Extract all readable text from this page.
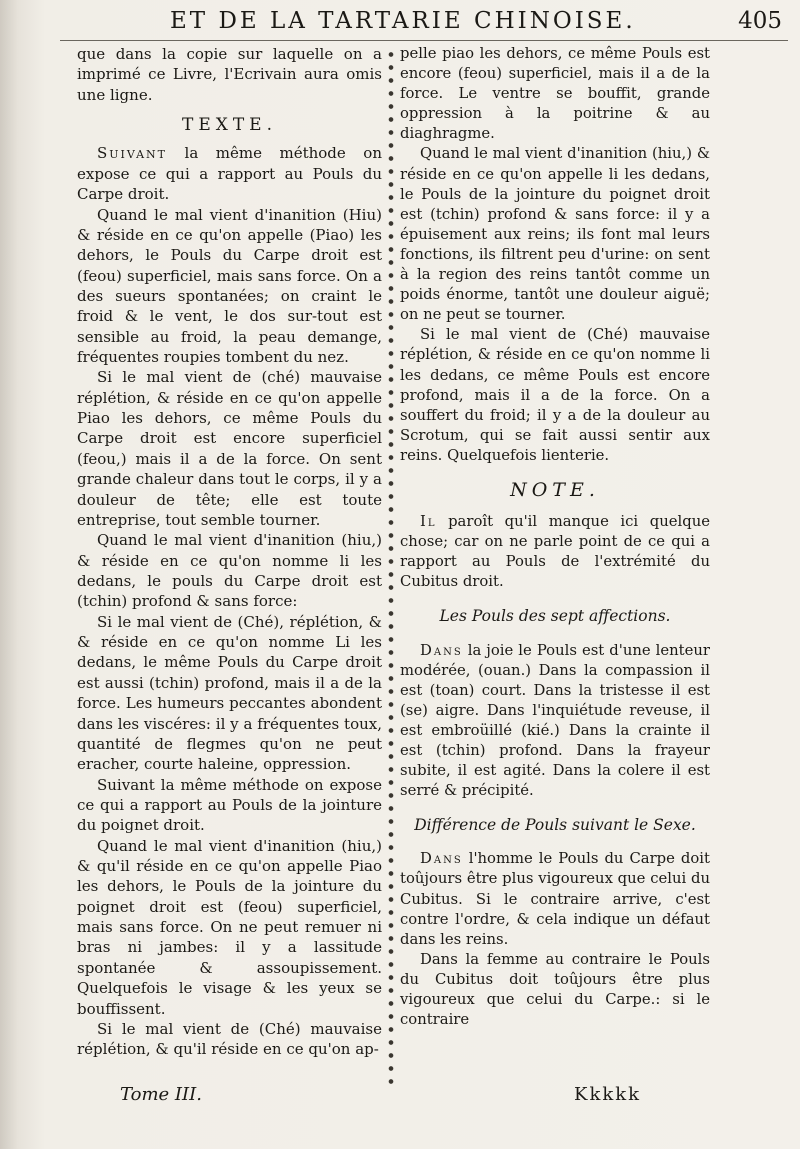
ET DE LA TARTARIE CHINOISE.	405

que dans la copie sur laquelle on a imprimé ce Livre, l'Ecrivain aura omis une ligne.

TEXTE.

Suivant la même méthode on expose ce qui a rapport au Pouls du Carpe droit.

Quand le mal vient d'inanition (Hiu) & réside en ce qu'on appelle (Piao) les dehors, le Pouls du Carpe droit est (feou) superficiel, mais sans force. On a des sueurs spontanées; on craint le froid & le vent, le dos sur-tout est sensible au froid, la peau demange, fréquentes roupies tombent du nez.

Si le mal vient de (ché) mauvaise réplétion, & réside en ce qu'on appelle Piao les dehors, ce même Pouls du Carpe droit est encore superficiel (feou,) mais il a de la force. On sent grande chaleur dans tout le corps, il y a douleur de tête; elle est toute entreprise, tout semble tourner.

Quand le mal vient d'inanition (hiu,) & réside en ce qu'on nomme li les dedans, le pouls du Carpe droit est (tchin) profond & sans force:

Si le mal vient de (Ché), réplétion, & & réside en ce qu'on nomme Li les dedans, le même Pouls du Carpe droit est aussi (tchin) profond, mais il a de la force. Les humeurs peccantes abondent dans les viscéres: il y a fréquentes toux, quantité de flegmes qu'on ne peut eracher, courte haleine, oppression.

Suivant la même méthode on expose ce qui a rapport au Pouls de la jointure du poignet droit.

Quand le mal vient d'inanition (hiu,) & qu'il réside en ce qu'on appelle Piao les dehors, le Pouls de la jointure du poignet droit est (feou) superficiel, mais sans force. On ne peut remuer ni bras ni jambes: il y a lassitude spontanée & assoupissement. Quelquefois le visage & les yeux se bouffissent.

Si le mal vient de (Ché) mauvaise réplétion, & qu'il réside en ce qu'on ap-

pelle piao les dehors, ce même Pouls est encore (feou) superficiel, mais il a de la force. Le ventre se bouffit, grande oppression à la poitrine & au diaghragme.

Quand le mal vient d'inanition (hiu,) & réside en ce qu'on appelle li les dedans, le Pouls de la jointure du poignet droit est (tchin) profond & sans force: il y a épuisement aux reins; ils font mal leurs fonctions, ils filtrent peu d'urine: on sent à la region des reins tantôt comme un poids énorme, tantôt une douleur aiguë; on ne peut se tourner.

Si le mal vient de (Ché) mauvaise réplétion, & réside en ce qu'on nomme li les dedans, ce même Pouls est encore profond, mais il a de la force. On a souffert du froid; il y a de la douleur au Scrotum, qui se fait aussi sentir aux reins. Quelquefois lienterie.

NOTE.

Il paroît qu'il manque ici quelque chose; car on ne parle point de ce qui a rapport au Pouls de l'extrémité du Cubitus droit.

Les Pouls des sept affections.

Dans la joie le Pouls est d'une lenteur modérée, (ouan.) Dans la compassion il est (toan) court. Dans la tristesse il est (se) aigre. Dans l'inquiétude reveuse, il est embroüillé (kié.) Dans la crainte il est (tchin) profond. Dans la frayeur subite, il est agité. Dans la colere il est serré & précipité.

Différence de Pouls suivant le Sexe.

Dans l'homme le Pouls du Carpe doit toûjours être plus vigoureux que celui du Cubitus. Si le contraire arrive, c'est contre l'ordre, & cela indique un défaut dans les reins.

Dans la femme au contraire le Pouls du Cubitus doit toûjours être plus vigoureux que celui du Carpe.: si le contraire

Tome III.	Kkkkk
